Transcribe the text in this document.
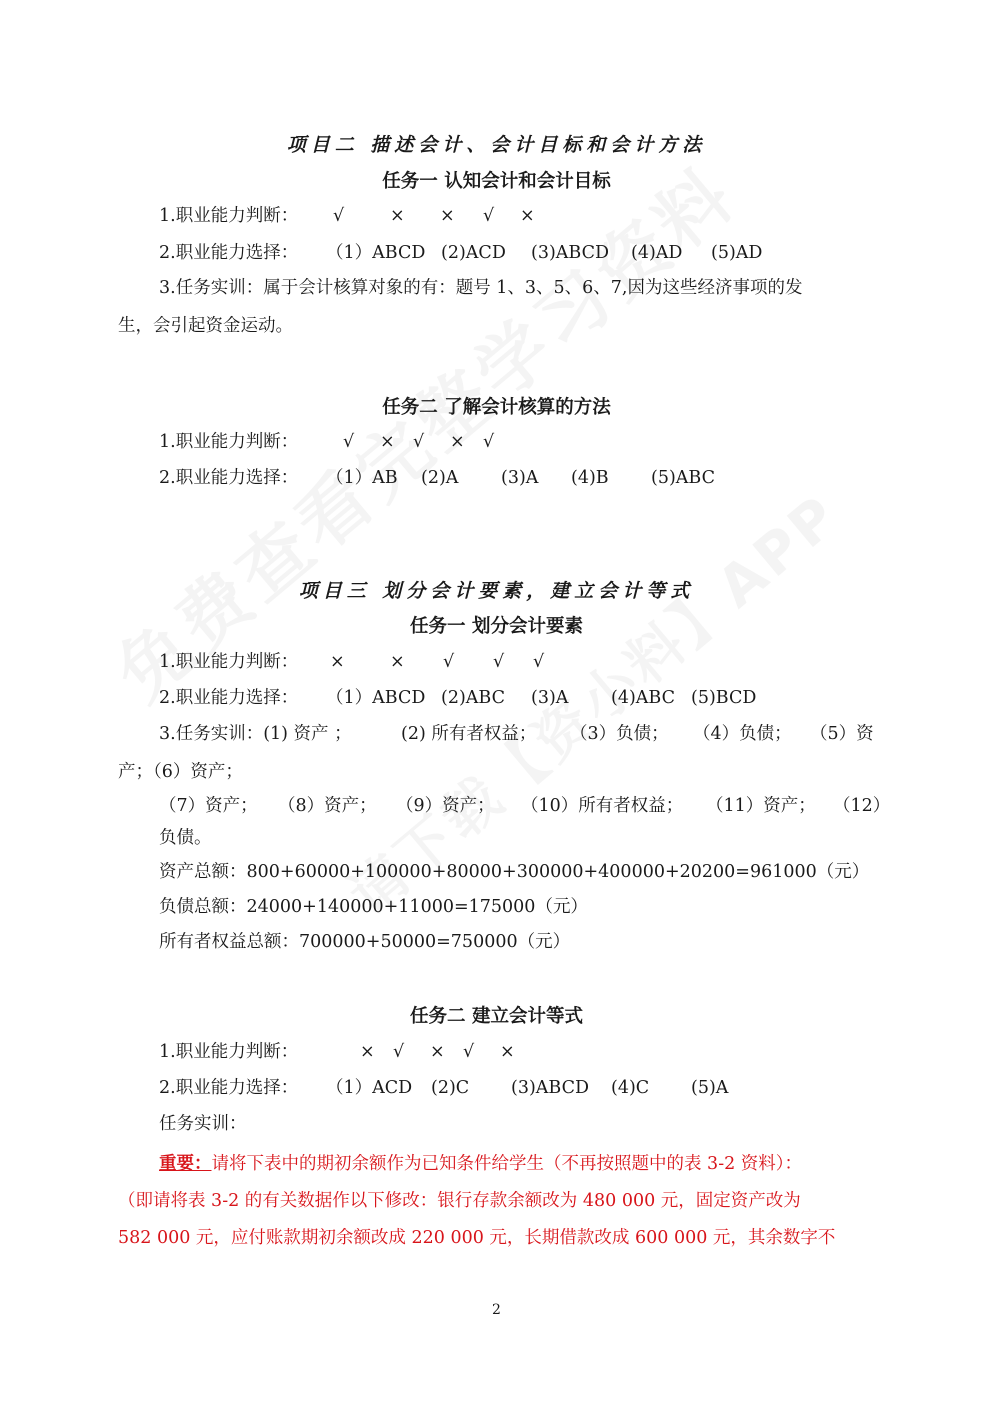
项目二 描述会计、会计目标和会计方法
任务一 认知会计和会计目标
1.职业能力判断： √	× × √ ×
2.职业能力选择： （1）ABCD (2)ACD (3)ABCD (4)AD (5)AD
3.任务实训：属于会计核算对象的有：题号 1、3、5、6、7,因为这些经济事项的发
生，会引起资金运动。
任务二 了解会计核算的方法
1.职业能力判断：	√ × √ × √
2.职业能力选择： （1）AB (2)A (3)A (4)B (5)ABC
项目三 划分会计要素，建立会计等式
任务一 划分会计要素
1.职业能力判断： ×	× √ √ √
2.职业能力选择： （1）ABCD (2)ABC (3)A (4)ABC (5)BCD
3.任务实训：(1) 资产 ；	(2) 所有者权益； （3）负债； （4）负债； （5）资
产；（6）资产；
（7）资产； （8）资产； （9）资产； （10）所有者权益； （11）资产； （12）
负债。
资产总额：800+60000+100000+80000+300000+400000+20200=961000（元）
负债总额：24000+140000+11000=175000（元）
所有者权益总额：700000+50000=750000（元）
任务二 建立会计等式
1.职业能力判断：	× √ × √ ×
2.职业能力选择： （1）ACD (2)C (3)ABCD (4)C (5)A
任务实训：
重要：请将下表中的期初余额作为已知条件给学生（不再按照题中的表 3-2 资料）：
（即请将表 3-2 的有关数据作以下修改：银行存款余额改为 480 000 元，固定资产改为
582 000 元，应付账款期初余额改成 220 000 元，长期借款改成 600 000 元，其余数字不
2
